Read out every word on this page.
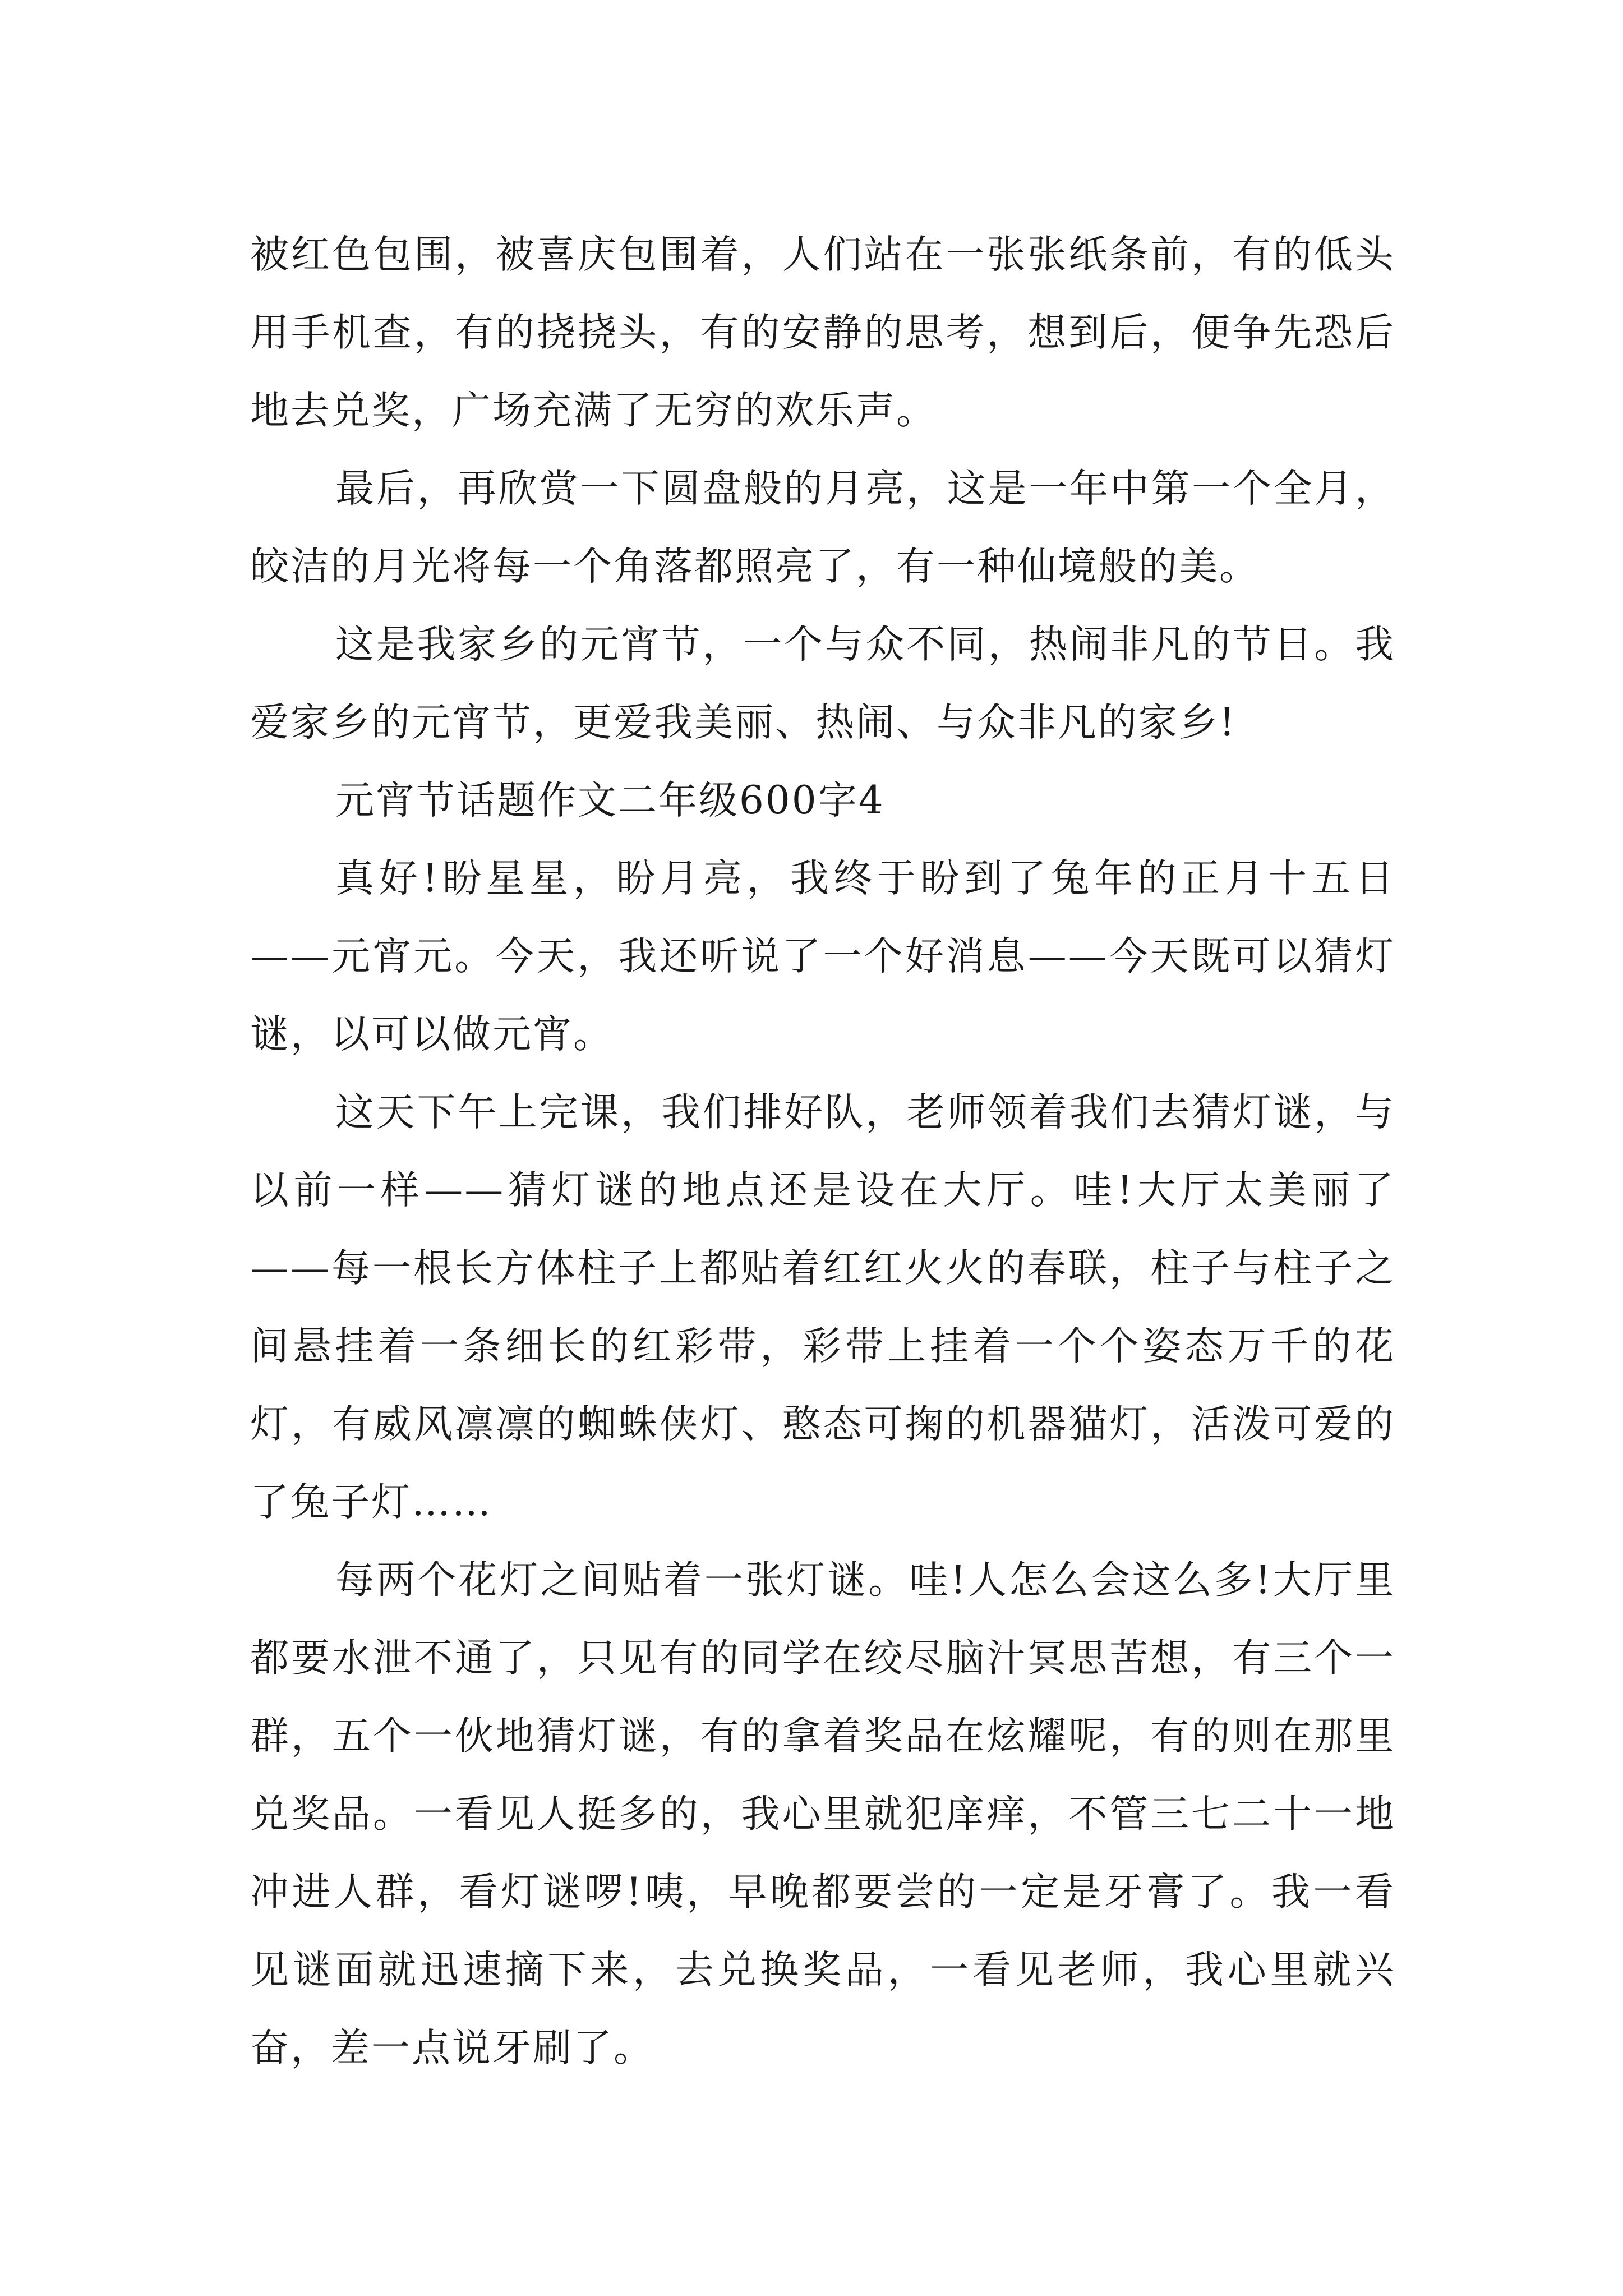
被红色包围，被喜庆包围着，人们站在一张张纸条前，有的低头用手机查，有的挠挠头，有的安静的思考，想到后，便争先恐后地去兑奖，广场充满了无穷的欢乐声。

最后，再欣赏一下圆盘般的月亮，这是一年中第一个全月，皎洁的月光将每一个角落都照亮了，有一种仙境般的美。

这是我家乡的元宵节，一个与众不同，热闹非凡的节日。我爱家乡的元宵节，更爱我美丽、热闹、与众非凡的家乡!

元宵节话题作文二年级600字4

真好!盼星星，盼月亮，我终于盼到了兔年的正月十五日——元宵元。今天，我还听说了一个好消息——今天既可以猜灯谜，以可以做元宵。

这天下午上完课，我们排好队，老师领着我们去猜灯谜，与以前一样——猜灯谜的地点还是设在大厅。哇!大厅太美丽了——每一根长方体柱子上都贴着红红火火的春联，柱子与柱子之间悬挂着一条细长的红彩带，彩带上挂着一个个姿态万千的花灯，有威风凛凛的蜘蛛侠灯、憨态可掬的机器猫灯，活泼可爱的了兔子灯……

每两个花灯之间贴着一张灯谜。哇!人怎么会这么多!大厅里都要水泄不通了，只见有的同学在绞尽脑汁冥思苦想，有三个一群，五个一伙地猜灯谜，有的拿着奖品在炫耀呢，有的则在那里兑奖品。一看见人挺多的，我心里就犯庠痒，不管三七二十一地冲进人群，看灯谜啰!咦，早晚都要尝的一定是牙膏了。我一看见谜面就迅速摘下来，去兑换奖品，一看见老师，我心里就兴奋，差一点说牙刷了。
